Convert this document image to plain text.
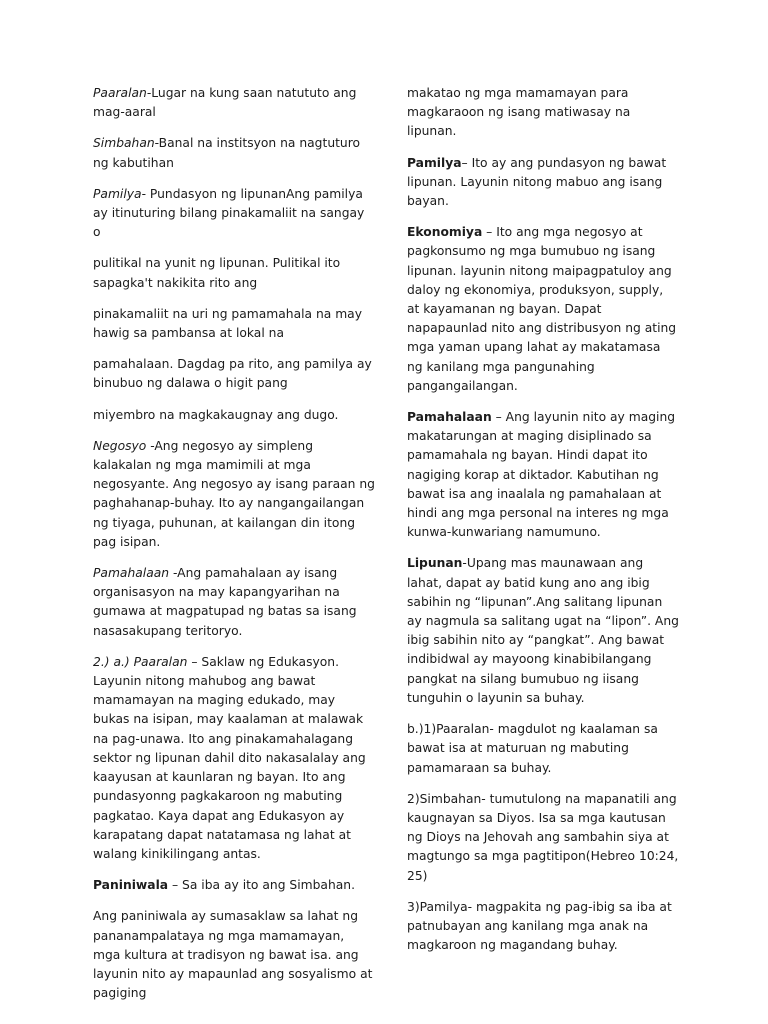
Paaralan-Lugar na kung saan natututo ang mag-aaral

Simbahan-Banal na institsyon na nagtuturo ng kabutihan

Pamilya- Pundasyon ng lipunanAng pamilya ay itinuturing bilang pinakamaliit na sangay o

pulitikal na yunit ng lipunan. Pulitikal ito sapagka't nakikita rito ang

pinakamaliit na uri ng pamamahala na may hawig sa pambansa at lokal na

pamahalaan. Dagdag pa rito, ang pamilya ay binubuo ng dalawa o higit pang

miyembro na magkakaugnay ang dugo.

Negosyo -Ang negosyo ay simpleng kalakalan ng mga mamimili at mga negosyante. Ang negosyo ay isang paraan ng paghahanap-buhay. Ito ay nangangailangan ng tiyaga, puhunan, at kailangan din itong pag isipan.

Pamahalaan -Ang pamahalaan ay isang organisasyon na may kapangyarihan na gumawa at magpatupad ng batas sa isang nasasakupang teritoryo.

2.) a.) Paaralan – Saklaw ng Edukasyon. Layunin nitong mahubog ang bawat mamamayan na maging edukado, may bukas na isipan, may kaalaman at malawak na pag-unawa. Ito ang pinakamahalagang sektor ng lipunan dahil dito nakasalalay ang kaayusan at kaunlaran ng bayan. Ito ang pundasyonng pagkakaroon ng mabuting pagkatao. Kaya dapat ang Edukasyon ay karapatang dapat natatamasa ng lahat at walang kinikilingang antas.

Paniniwala – Sa iba ay ito ang Simbahan.

Ang paniniwala ay sumasaklaw sa lahat ng pananampalataya ng mga mamamayan, mga kultura at tradisyon ng bawat isa. ang layunin nito ay mapaunlad ang sosyalismo at pagiging

makatao ng mga mamamayan para magkaraoon ng isang matiwasay na lipunan.

Pamilya– Ito ay ang pundasyon ng bawat lipunan. Layunin nitong mabuo ang isang bayan.

Ekonomiya – Ito ang mga negosyo at pagkonsumo ng mga bumubuo ng isang lipunan. layunin nitong maipagpatuloy ang daloy ng ekonomiya, produksyon, supply, at kayamanan ng bayan. Dapat napapaunlad nito ang distribusyon ng ating mga yaman upang lahat ay makatamasa ng kanilang mga pangunahing pangangailangan.

Pamahalaan – Ang layunin nito ay maging makatarungan at maging disiplinado sa pamamahala ng bayan. Hindi dapat ito nagiging korap at diktador. Kabutihan ng bawat isa ang inaalala ng pamahalaan at hindi ang mga personal na interes ng mga kunwa-kunwariang namumuno.

Lipunan-Upang mas maunawaan ang lahat, dapat ay batid kung ano ang ibig sabihin ng “lipunan”.Ang salitang lipunan ay nagmula sa salitang ugat na “lipon”. Ang ibig sabihin nito ay “pangkat”. Ang bawat indibidwal ay mayoong kinabibilangang pangkat na silang bumubuo ng iisang tunguhin o layunin sa buhay.

b.)1)Paaralan- magdulot ng kaalaman sa bawat isa at maturuan ng mabuting pamamaraan sa buhay.

2)Simbahan- tumutulong na mapanatili ang kaugnayan sa Diyos. Isa sa mga kautusan ng Dioys na Jehovah ang sambahin siya at magtungo sa mga pagtitipon(Hebreo 10:24, 25)

3)Pamilya- magpakita ng pag-ibig sa iba at patnubayan ang kanilang mga anak na magkaroon ng magandang buhay.
